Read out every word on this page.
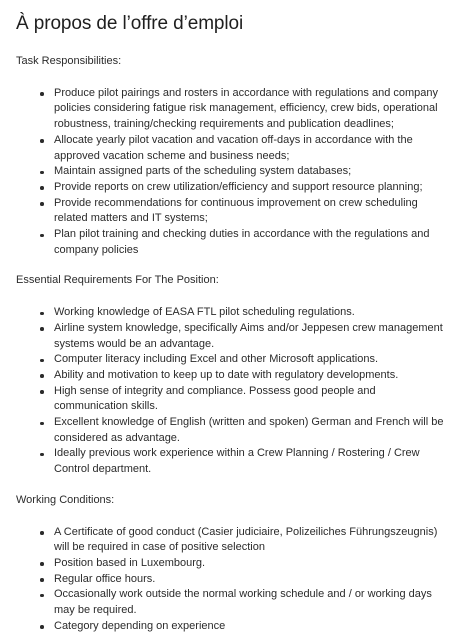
À propos de l’offre d’emploi

Task Responsibilities:

Produce pilot pairings and rosters in accordance with regulations and company policies considering fatigue risk management, efficiency, crew bids, operational robustness, training/checking requirements and publication deadlines;
Allocate yearly pilot vacation and vacation off-days in accordance with the approved vacation scheme and business needs;
Maintain assigned parts of the scheduling system databases;
Provide reports on crew utilization/efficiency and support resource planning;
Provide recommendations for continuous improvement on crew scheduling related matters and IT systems;
Plan pilot training and checking duties in accordance with the regulations and company policies

Essential Requirements For The Position:

Working knowledge of EASA FTL pilot scheduling regulations.
Airline system knowledge, specifically Aims and/or Jeppesen crew management systems would be an advantage.
Computer literacy including Excel and other Microsoft applications.
Ability and motivation to keep up to date with regulatory developments.
High sense of integrity and compliance. Possess good people and communication skills.
Excellent knowledge of English (written and spoken) German and French will be considered as advantage.
Ideally previous work experience within a Crew Planning / Rostering / Crew Control department.

Working Conditions:

A Certificate of good conduct (Casier judiciaire, Polizeiliches Führungszeugnis) will be required in case of positive selection
Position based in Luxembourg.
Regular office hours.
Occasionally work outside the normal working schedule and / or working days may be required.
Category depending on experience
